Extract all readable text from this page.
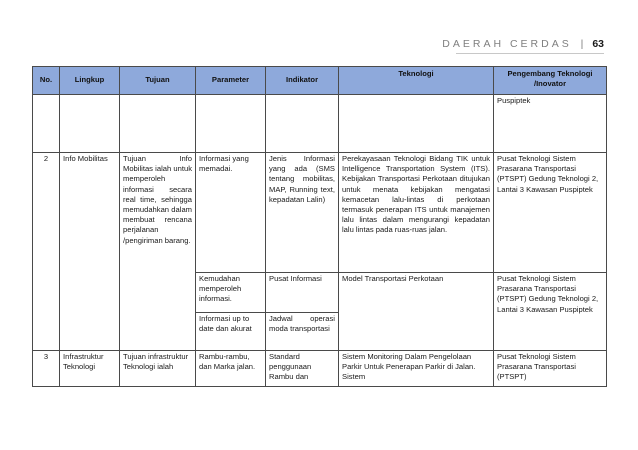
DAERAH CERDAS | 63
No.	Lingkup	Tujuan	Parameter	Indikator	Teknologi	Pengembang Teknologi /Inovator
						Puspiptek
2	Info Mobilitas	Tujuan Info Mobilitas ialah untuk memperoleh informasi secara real time, sehingga memudahkan dalam membuat rencana perjalanan /pengiriman barang.	Informasi yang memadai.	Jenis Informasi yang ada (SMS tentang mobilitas, MAP, Running text, kepadatan Lalin)	Perekayasaan Teknologi Bidang TIK untuk Intelligence Transportation System (ITS). Kebijakan Transportasi Perkotaan ditujukan untuk menata kebijakan mengatasi kemacetan lalu-lintas di perkotaan termasuk penerapan ITS untuk manajemen lalu lintas dalam mengurangi kepadatan lalu lintas pada ruas-ruas jalan.	Pusat Teknologi Sistem Prasarana Transportasi (PTSPT) Gedung Teknologi 2, Lantai 3 Kawasan Puspiptek
			Kemudahan memperoleh informasi.	Pusat Informasi	Model Transportasi Perkotaan	Pusat Teknologi Sistem Prasarana Transportasi (PTSPT) Gedung Teknologi 2, Lantai 3 Kawasan Puspiptek
			Informasi up to date dan akurat	Jadwal operasi moda transportasi		
3	Infrastruktur Teknologi	Tujuan infrastruktur Teknologi ialah	Rambu-rambu, dan Marka jalan.	Standard penggunaan Rambu dan	Sistem Monitoring Dalam Pengelolaan Parkir Untuk Penerapan Parkir di Jalan. Sistem	Pusat Teknologi Sistem Prasarana Transportasi (PTSPT)
